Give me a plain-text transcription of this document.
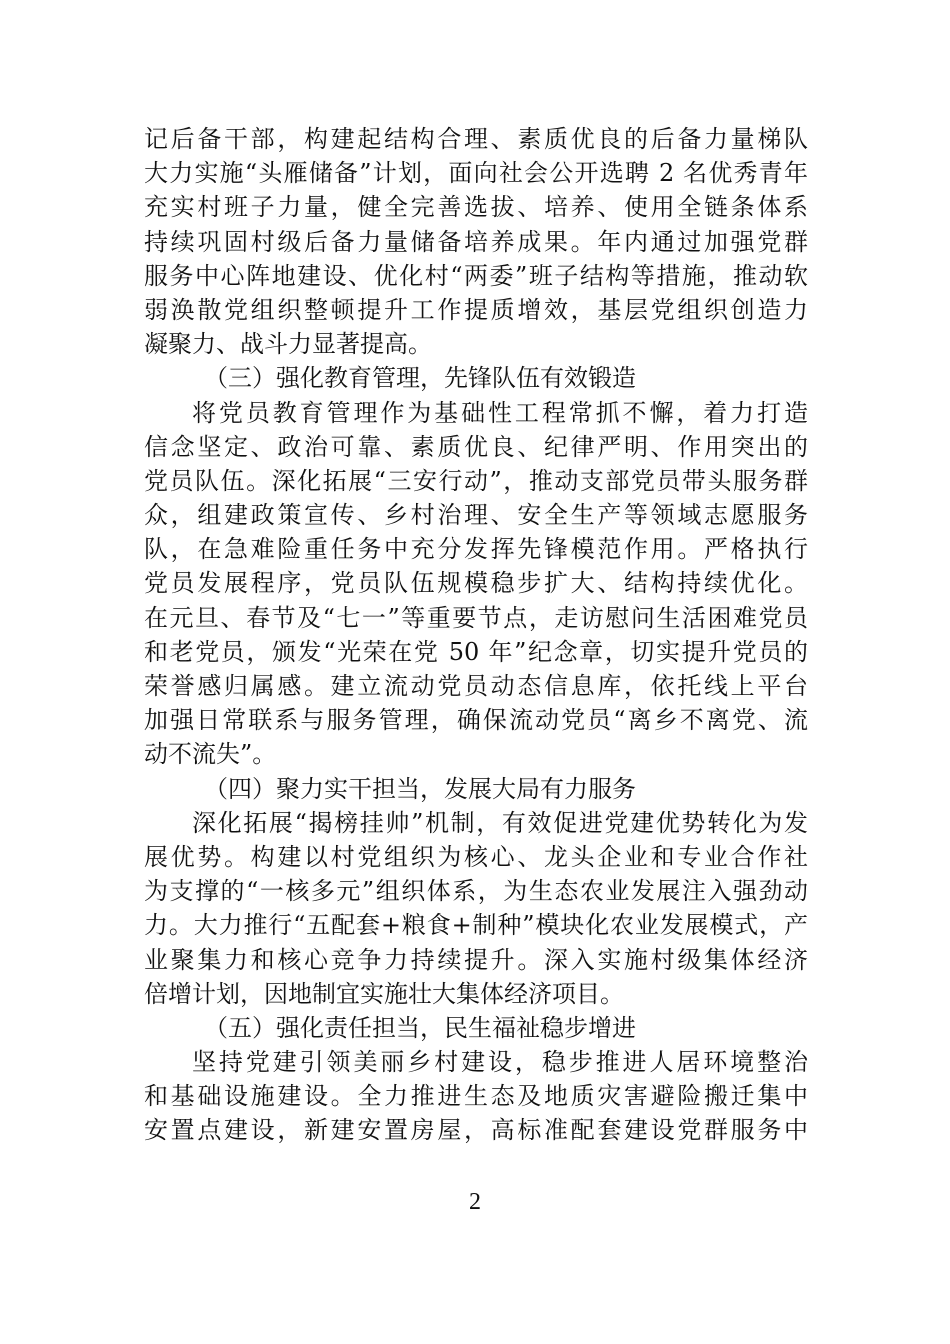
记后备干部，构建起结构合理、素质优良的后备力量梯队
大力实施“头雁储备”计划，面向社会公开选聘 2 名优秀青年
充实村班子力量，健全完善选拔、培养、使用全链条体系
持续巩固村级后备力量储备培养成果。年内通过加强党群
服务中心阵地建设、优化村“两委”班子结构等措施，推动软
弱涣散党组织整顿提升工作提质增效，基层党组织创造力
凝聚力、战斗力显著提高。
（三）强化教育管理，先锋队伍有效锻造
将党员教育管理作为基础性工程常抓不懈，着力打造
信念坚定、政治可靠、素质优良、纪律严明、作用突出的
党员队伍。深化拓展“三安行动”，推动支部党员带头服务群
众，组建政策宣传、乡村治理、安全生产等领域志愿服务
队，在急难险重任务中充分发挥先锋模范作用。严格执行
党员发展程序，党员队伍规模稳步扩大、结构持续优化。
在元旦、春节及“七一”等重要节点，走访慰问生活困难党员
和老党员，颁发“光荣在党 50 年”纪念章，切实提升党员的
荣誉感归属感。建立流动党员动态信息库，依托线上平台
加强日常联系与服务管理，确保流动党员“离乡不离党、流
动不流失”。
（四）聚力实干担当，发展大局有力服务
深化拓展“揭榜挂帅”机制，有效促进党建优势转化为发
展优势。构建以村党组织为核心、龙头企业和专业合作社
为支撑的“一核多元”组织体系，为生态农业发展注入强劲动
力。大力推行“五配套+粮食+制种”模块化农业发展模式，产
业聚集力和核心竞争力持续提升。深入实施村级集体经济
倍增计划，因地制宜实施壮大集体经济项目。
（五）强化责任担当，民生福祉稳步增进
坚持党建引领美丽乡村建设，稳步推进人居环境整治
和基础设施建设。全力推进生态及地质灾害避险搬迁集中
安置点建设，新建安置房屋，高标准配套建设党群服务中
2
